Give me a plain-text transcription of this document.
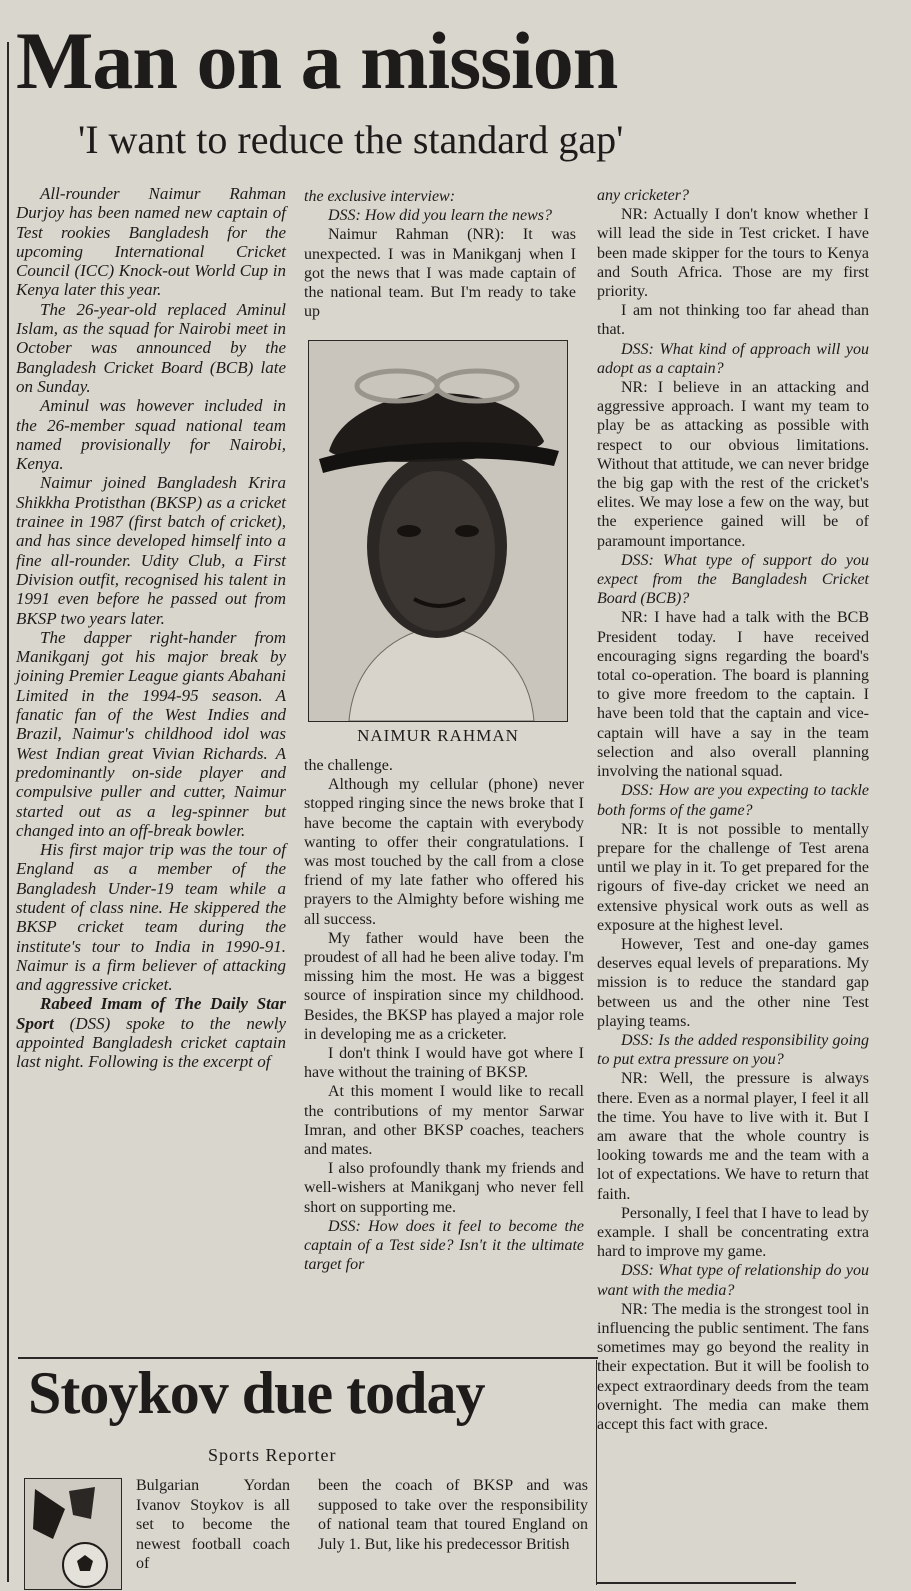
Man on a mission
'I want to reduce the standard gap'

All-rounder Naimur Rahman Durjoy has been named new captain of Test rookies Bangladesh for the upcoming International Cricket Council (ICC) Knock-out World Cup in Kenya later this year.

The 26-year-old replaced Aminul Islam, as the squad for Nairobi meet in October was announced by the Bangladesh Cricket Board (BCB) late on Sunday.

Aminul was however included in the 26-member squad national team named provisionally for Nairobi, Kenya.

Naimur joined Bangladesh Krira Shikkha Protisthan (BKSP) as a cricket trainee in 1987 (first batch of cricket), and has since developed himself into a fine all-rounder. Udity Club, a First Division outfit, recognised his talent in 1991 even before he passed out from BKSP two years later.

The dapper right-hander from Manikganj got his major break by joining Premier League giants Abahani Limited in the 1994-95 season. A fanatic fan of the West Indies and Brazil, Naimur's childhood idol was West Indian great Vivian Richards. A predominantly on-side player and compulsive puller and cutter, Naimur started out as a leg-spinner but changed into an off-break bowler.

His first major trip was the tour of England as a member of the Bangladesh Under-19 team while a student of class nine. He skippered the BKSP cricket team during the institute's tour to India in 1990-91. Naimur is a firm believer of attacking and aggressive cricket.

Rabeed Imam of The Daily Star Sport (DSS) spoke to the newly appointed Bangladesh cricket captain last night. Following is the excerpt of

the exclusive interview:

DSS: How did you learn the news?

Naimur Rahman (NR): It was unexpected. I was in Manikganj when I got the news that I was made captain of the national team. But I'm ready to take up

NAIMUR RAHMAN

the challenge.

Although my cellular (phone) never stopped ringing since the news broke that I have become the captain with everybody wanting to offer their congratulations. I was most touched by the call from a close friend of my late father who offered his prayers to the Almighty before wishing me all success.

My father would have been the proudest of all had he been alive today. I'm missing him the most. He was a biggest source of inspiration since my childhood. Besides, the BKSP has played a major role in developing me as a cricketer.

I don't think I would have got where I have without the training of BKSP.

At this moment I would like to recall the contributions of my mentor Sarwar Imran, and other BKSP coaches, teachers and mates.

I also profoundly thank my friends and well-wishers at Manikganj who never fell short on supporting me.

DSS: How does it feel to become the captain of a Test side? Isn't it the ultimate target for

any cricketer?

NR: Actually I don't know whether I will lead the side in Test cricket. I have been made skipper for the tours to Kenya and South Africa. Those are my first priority.

I am not thinking too far ahead than that.

DSS: What kind of approach will you adopt as a captain?

NR: I believe in an attacking and aggressive approach. I want my team to play be as attacking as possible with respect to our obvious limitations. Without that attitude, we can never bridge the big gap with the rest of the cricket's elites. We may lose a few on the way, but the experience gained will be of paramount importance.

DSS: What type of support do you expect from the Bangladesh Cricket Board (BCB)?

NR: I have had a talk with the BCB President today. I have received encouraging signs regarding the board's total co-operation. The board is planning to give more freedom to the captain. I have been told that the captain and vice-captain will have a say in the team selection and also overall planning involving the national squad.

DSS: How are you expecting to tackle both forms of the game?

NR: It is not possible to mentally prepare for the challenge of Test arena until we play in it. To get prepared for the rigours of five-day cricket we need an extensive physical work outs as well as exposure at the highest level.

However, Test and one-day games deserves equal levels of preparations. My mission is to reduce the standard gap between us and the other nine Test playing teams.

DSS: Is the added responsibility going to put extra pressure on you?

NR: Well, the pressure is always there. Even as a normal player, I feel it all the time. You have to live with it. But I am aware that the whole country is looking towards me and the team with a lot of expectations. We have to return that faith.

Personally, I feel that I have to lead by example. I shall be concentrating extra hard to improve my game.

DSS: What type of relationship do you want with the media?

NR: The media is the strongest tool in influencing the public sentiment. The fans sometimes may go beyond the reality in their expectation. But it will be foolish to expect extraordinary deeds from the team overnight. The media can make them accept this fact with grace.

Stoykov due today

Sports Reporter

Bulgarian Yordan Ivanov Stoykov is all set to become the newest football coach of

been the coach of BKSP and was supposed to take over the responsibility of national team that toured England on July 1. But, like his predecessor British
